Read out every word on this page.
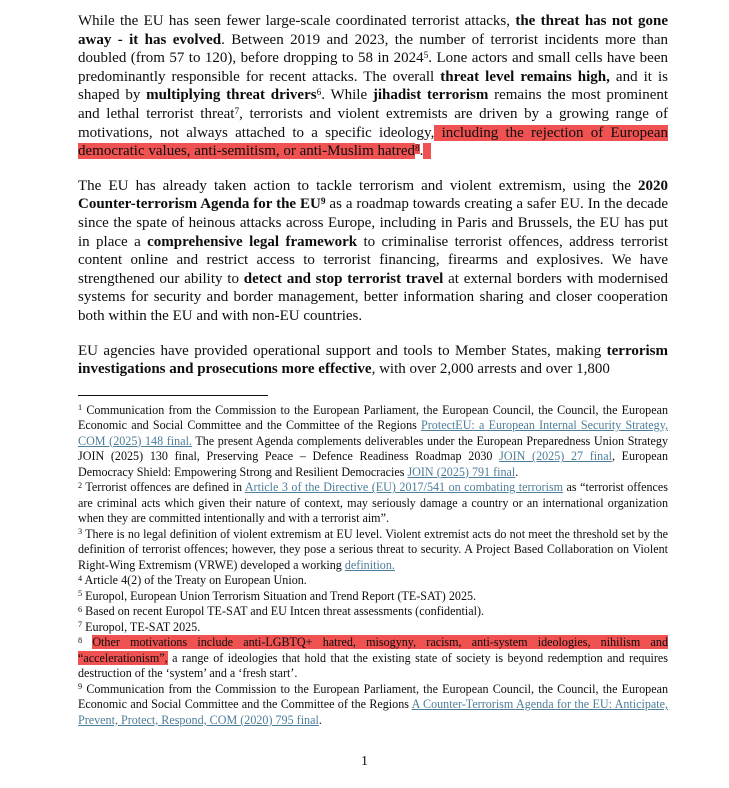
While the EU has seen fewer large-scale coordinated terrorist attacks, the threat has not gone away - it has evolved. Between 2019 and 2023, the number of terrorist incidents more than doubled (from 57 to 120), before dropping to 58 in 2024$^5$. Lone actors and small cells have been predominantly responsible for recent attacks. The overall threat level remains high, and it is shaped by multiplying threat drivers$^6$. While jihadist terrorism remains the most prominent and lethal terrorist threat$^7$, terrorists and violent extremists are driven by a growing range of motivations, not always attached to a specific ideology, including the rejection of European democratic values, anti-semitism, or anti-Muslim hatred$^8$.

The EU has already taken action to tackle terrorism and violent extremism, using the 2020 Counter-terrorism Agenda for the $EU^9$ as a roadmap towards creating a safer EU. In the decade since the spate of heinous attacks across Europe, including in Paris and Brussels, the EU has put in place a comprehensive legal framework to criminalise terrorist offences, address terrorist content online and restrict access to terrorist financing, firearms and explosives. We have strengthened our ability to detect and stop terrorist travel at external borders with modernised systems for security and border management, better information sharing and closer cooperation both within the EU and with non-EU countries.

EU agencies have provided operational support and tools to Member States, making terrorism investigations and prosecutions more effective, with over 2,000 arrests and over 1,800

$^1$ Communication from the Commission to the European Parliament, the European Council, the Council, the European Economic and Social Committee and the Committee of the Regions ProtectEU: a European Internal Security Strategy, COM (2025) 148 final. The present Agenda complements deliverables under the European Preparedness Union Strategy JOIN (2025) 130 final, Preserving Peace – Defence Readiness Roadmap 2030 JOIN (2025) 27 final, European Democracy Shield: Empowering Strong and Resilient Democracies JOIN (2025) 791 final.
$^2$ Terrorist offences are defined in Article 3 of the Directive (EU) 2017/541 on combating terrorism as “terrorist offences are criminal acts which given their nature of context, may seriously damage a country or an international organization when they are committed intentionally and with a terrorist aim”.
$^3$ There is no legal definition of violent extremism at EU level. Violent extremist acts do not meet the threshold set by the definition of terrorist offences; however, they pose a serious threat to security. A Project Based Collaboration on Violent Right-Wing Extremism (VRWE) developed a working definition.
$^4$ Article 4(2) of the Treaty on European Union.
$^5$ Europol, European Union Terrorism Situation and Trend Report (TE-SAT) 2025.
$^6$ Based on recent Europol TE-SAT and EU Intcen threat assessments (confidential).
$^7$ Europol, TE-SAT 2025.
$^8$ Other motivations include anti-LGBTQ+ hatred, misogyny, racism, anti-system ideologies, nihilism and “accelerationism”, a range of ideologies that hold that the existing state of society is beyond redemption and requires destruction of the ‘system’ and a ‘fresh start’.
$^9$ Communication from the Commission to the European Parliament, the European Council, the Council, the European Economic and Social Committee and the Committee of the Regions A Counter-Terrorism Agenda for the EU: Anticipate, Prevent, Protect, Respond, COM (2020) 795 final.
1
